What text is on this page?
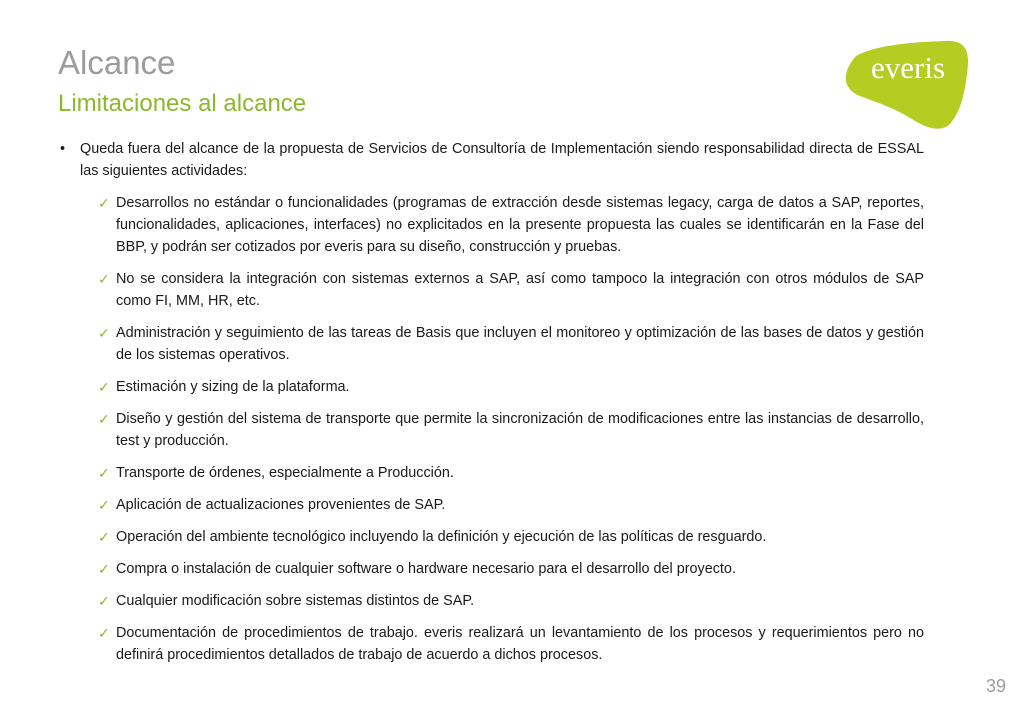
Alcance
Limitaciones al alcance
everis
•	Queda fuera del alcance de la propuesta de Servicios de Consultoría de Implementación siendo responsabilidad directa de ESSAL las siguientes actividades:
✓ Desarrollos no estándar o funcionalidades (programas de extracción desde sistemas legacy, carga de datos a SAP, reportes, funcionalidades, aplicaciones, interfaces) no explicitados en la presente propuesta las cuales se identificarán en la Fase del BBP, y podrán ser cotizados por everis para su diseño, construcción y pruebas.
✓ No se considera la integración con sistemas externos a SAP, así como tampoco la integración con otros módulos de SAP como FI, MM, HR, etc.
✓ Administración y seguimiento de las tareas de Basis que incluyen el monitoreo y optimización de las bases de datos y gestión de los sistemas operativos.
✓ Estimación y sizing de la plataforma.
✓ Diseño y gestión del sistema de transporte que permite la sincronización de modificaciones entre las instancias de desarrollo, test y producción.
✓ Transporte de órdenes, especialmente a Producción.
✓ Aplicación de actualizaciones provenientes de SAP.
✓ Operación del ambiente tecnológico incluyendo la definición y ejecución de las políticas de resguardo.
✓ Compra o instalación de cualquier software o hardware necesario para el desarrollo del proyecto.
✓ Cualquier modificación sobre sistemas distintos de SAP.
✓ Documentación de procedimientos de trabajo. everis realizará un levantamiento de los procesos y requerimientos pero no definirá procedimientos detallados de trabajo de acuerdo a dichos procesos.
39
